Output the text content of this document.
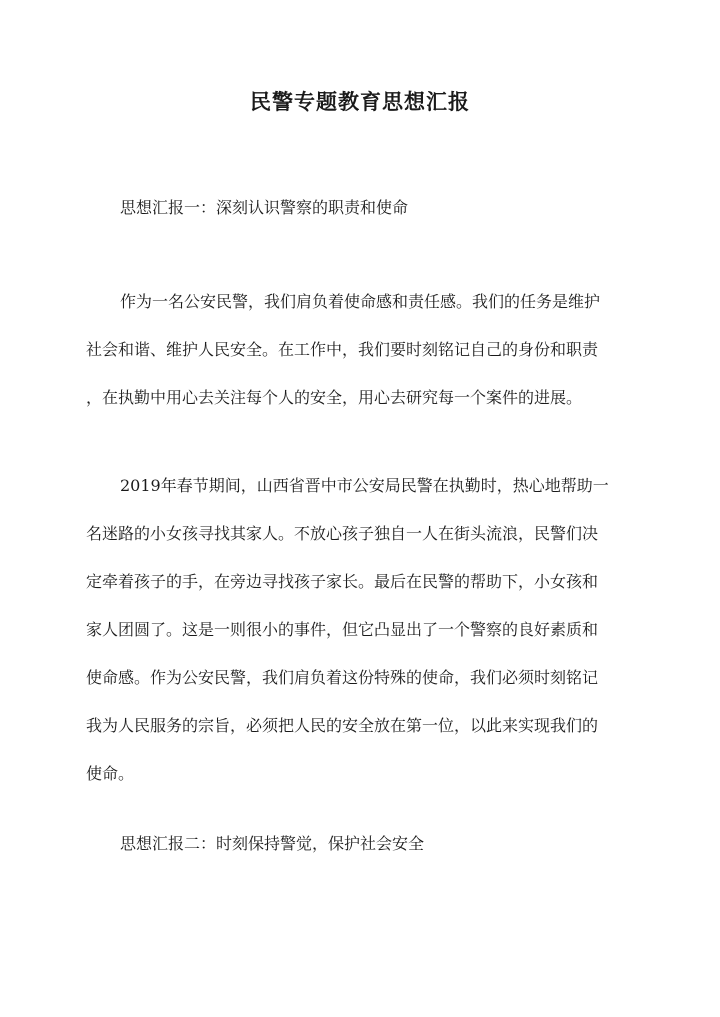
民警专题教育思想汇报
思想汇报一：深刻认识警察的职责和使命
作为一名公安民警，我们肩负着使命感和责任感。我们的任务是维护
社会和谐、维护人民安全。在工作中，我们要时刻铭记自己的身份和职责
，在执勤中用心去关注每个人的安全，用心去研究每一个案件的进展。
2019年春节期间，山西省晋中市公安局民警在执勤时，热心地帮助一
名迷路的小女孩寻找其家人。不放心孩子独自一人在街头流浪，民警们决
定牵着孩子的手，在旁边寻找孩子家长。最后在民警的帮助下，小女孩和
家人团圆了。这是一则很小的事件，但它凸显出了一个警察的良好素质和
使命感。作为公安民警，我们肩负着这份特殊的使命，我们必须时刻铭记
我为人民服务的宗旨，必须把人民的安全放在第一位，以此来实现我们的
使命。
思想汇报二：时刻保持警觉，保护社会安全
